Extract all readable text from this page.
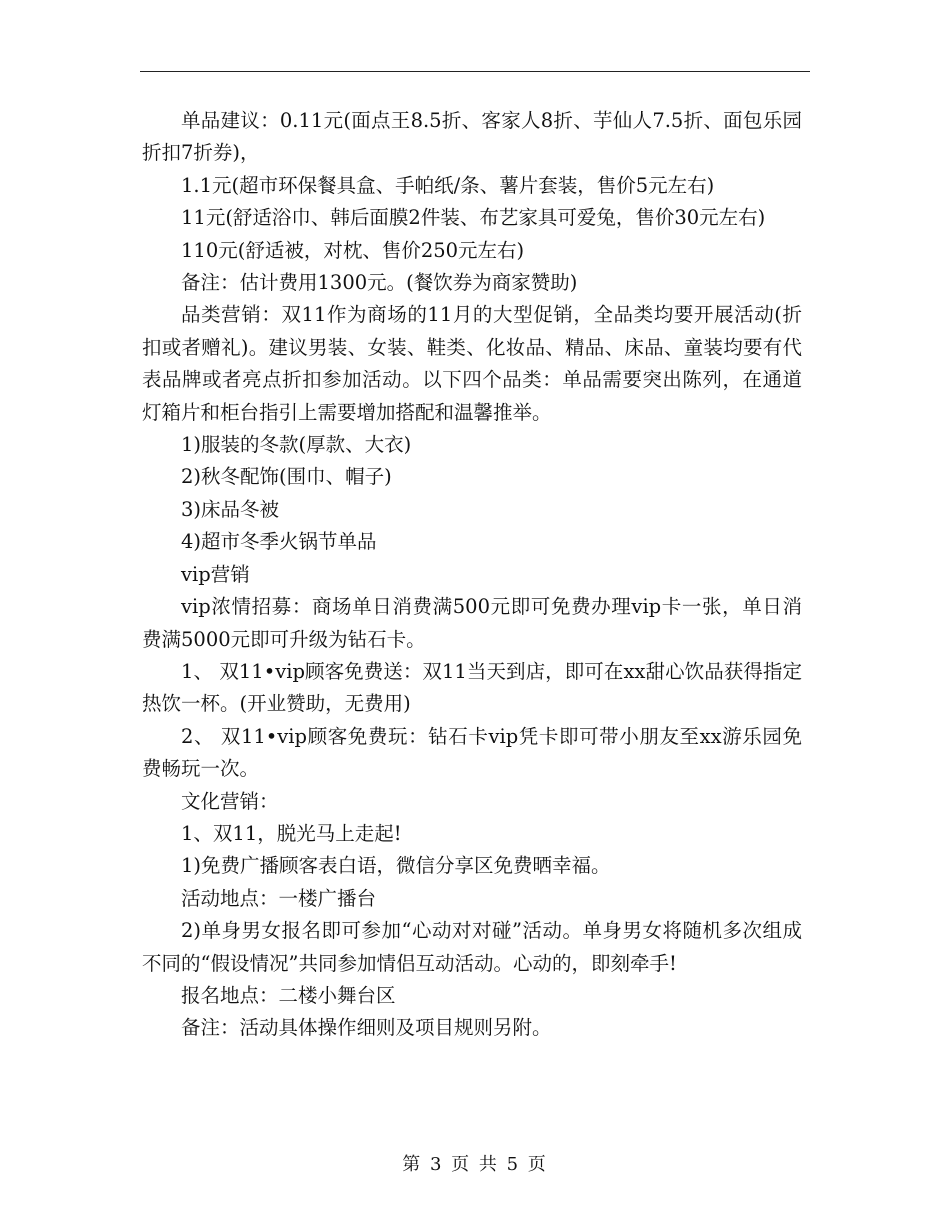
单品建议：0.11元(面点王8.5折、客家人8折、芋仙人7.5折、面包乐园折扣7折券)，

1.1元(超市环保餐具盒、手帕纸/条、薯片套装，售价5元左右)

11元(舒适浴巾、韩后面膜2件装、布艺家具可爱兔，售价30元左右)

110元(舒适被，对枕、售价250元左右)

备注：估计费用1300元。(餐饮券为商家赞助)

品类营销：双11作为商场的11月的大型促销，全品类均要开展活动(折扣或者赠礼)。建议男装、女装、鞋类、化妆品、精品、床品、童装均要有代表品牌或者亮点折扣参加活动。以下四个品类：单品需要突出陈列，在通道灯箱片和柜台指引上需要增加搭配和温馨推举。

1)服装的冬款(厚款、大衣)

2)秋冬配饰(围巾、帽子)

3)床品冬被

4)超市冬季火锅节单品

vip营销

vip浓情招募：商场单日消费满500元即可免费办理vip卡一张，单日消费满5000元即可升级为钻石卡。

1、 双11•vip顾客免费送：双11当天到店，即可在xx甜心饮品获得指定热饮一杯。(开业赞助，无费用)

2、 双11•vip顾客免费玩：钻石卡vip凭卡即可带小朋友至xx游乐园免费畅玩一次。

文化营销：

1、双11，脱光马上走起!

1)免费广播顾客表白语，微信分享区免费晒幸福。

活动地点：一楼广播台

2)单身男女报名即可参加“心动对对碰”活动。单身男女将随机多次组成不同的“假设情况”共同参加情侣互动活动。心动的，即刻牵手!

报名地点：二楼小舞台区

备注：活动具体操作细则及项目规则另附。

第 3 页 共 5 页
